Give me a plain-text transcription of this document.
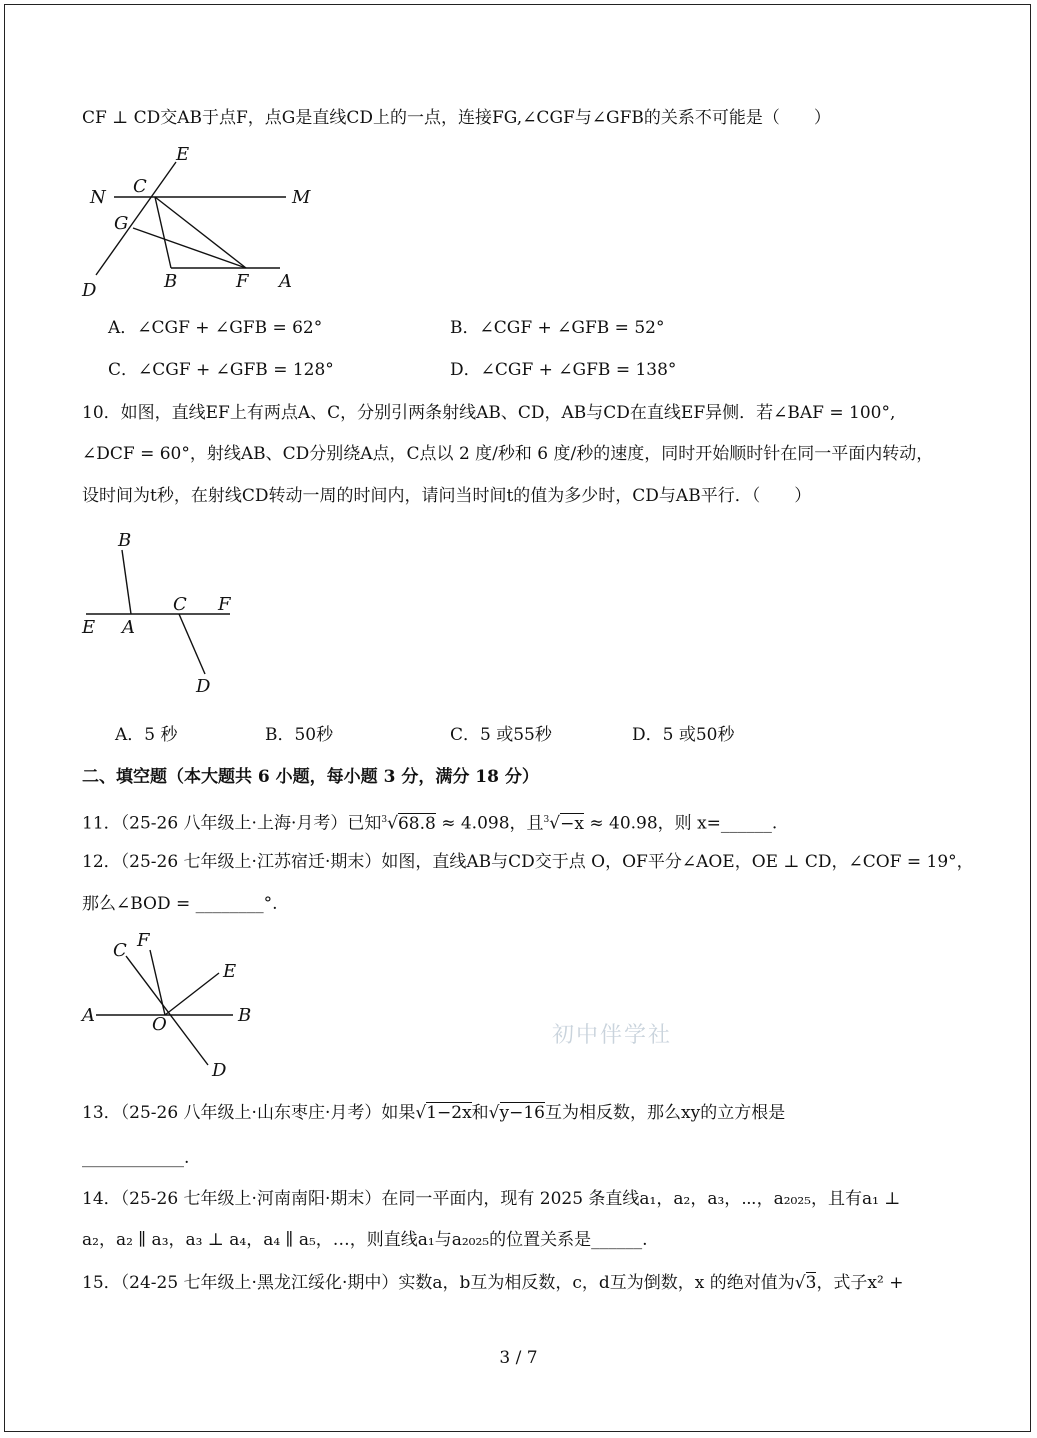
CF ⊥ CD交AB于点F，点G是直线CD上的一点，连接FG,∠CGF与∠GFB的关系不可能是（　　）
E
C
N	M
G
B	F A
D
A．∠CGF + ∠GFB = 62°	B．∠CGF + ∠GFB = 52°
C．∠CGF + ∠GFB = 128°	D．∠CGF + ∠GFB = 138°
10．如图，直线EF上有两点A、C，分别引两条射线AB、CD，AB与CD在直线EF异侧．若∠BAF = 100°,
∠DCF = 60°，射线AB、CD分别绕A点，C点以 2 度/秒和 6 度/秒的速度，同时开始顺时针在同一平面内转动，
设时间为t秒，在射线CD转动一周的时间内，请问当时间t的值为多少时，CD与AB平行．（　　）
B
C F
E A
D
A．5 秒	B．50秒	C．5 或55秒	D．5 或50秒
二、填空题（本大题共 6 小题，每小题 3 分，满分 18 分）
11．（25-26 八年级上·上海·月考）已知$^3$√68.8 ≈ 4.098，且$^3$√−x ≈ 40.98，则 x=______.
12．（25-26 七年级上·江苏宿迁·期末）如图，直线AB与CD交于点 O，OF平分∠AOE，OE ⊥ CD，∠COF = 19°，
那么∠BOD = ________°.
C F
E
A	O	B
D
初中伴学社
13．（25-26 八年级上·山东枣庄·月考）如果√1−2x和√y−16互为相反数，那么xy的立方根是
____________.
14．（25-26 七年级上·河南南阳·期末）在同一平面内，现有 2025 条直线a₁，a₂，a₃，⋯，a₂₀₂₅，且有a₁ ⊥
a₂，a₂ ∥ a₃，a₃ ⊥ a₄，a₄ ∥ a₅，…，则直线a₁与a₂₀₂₅的位置关系是______.
15．（24-25 七年级上·黑龙江绥化·期中）实数a，b互为相反数，c，d互为倒数，x 的绝对值为√3，式子x² +
3 / 7
